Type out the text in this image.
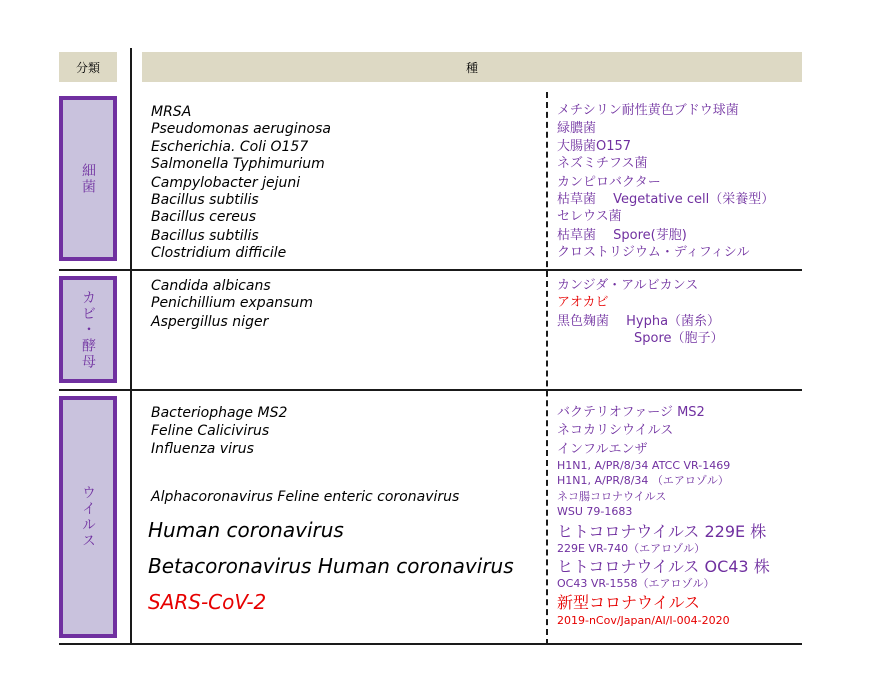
分類	種
細菌
カビ・酵母
ウイルス
MRSA
Pseudomonas aeruginosa
Escherichia. Coli O157
Salmonella Typhimurium
Campylobacter jejuni
Bacillus subtilis
Bacillus cereus
Bacillus subtilis
Clostridium difficile
メチシリン耐性黄色ブドウ球菌
緑膿菌
大腸菌O157
ネズミチフス菌
カンピロバクター
枯草菌　 Vegetative cell（栄養型）
セレウス菌
枯草菌　 Spore(芽胞)
クロストリジウム・ディフィシル
Candida albicans
Penichillium expansum
Aspergillus niger
カンジダ・アルビカンス
アオカビ
黒色麹菌　 Hypha（菌糸）
Spore（胞子）
Bacteriophage MS2
Feline Calicivirus
Influenza virus
Alphacoronavirus Feline enteric coronavirus
Human coronavirus
Betacoronavirus Human coronavirus
SARS-CoV-2
バクテリオファージ MS2
ネコカリシウイルス
インフルエンザ
H1N1, A/PR/8/34 ATCC VR-1469
H1N1, A/PR/8/34 （エアロゾル）
ネコ腸コロナウイルス
WSU 79-1683
ヒトコロナウイルス 229E 株
229E VR-740（エアロゾル）
ヒトコロナウイルス OC43 株
OC43 VR-1558（エアロゾル）
新型コロナウイルス
2019-nCov/Japan/AI/I-004-2020
